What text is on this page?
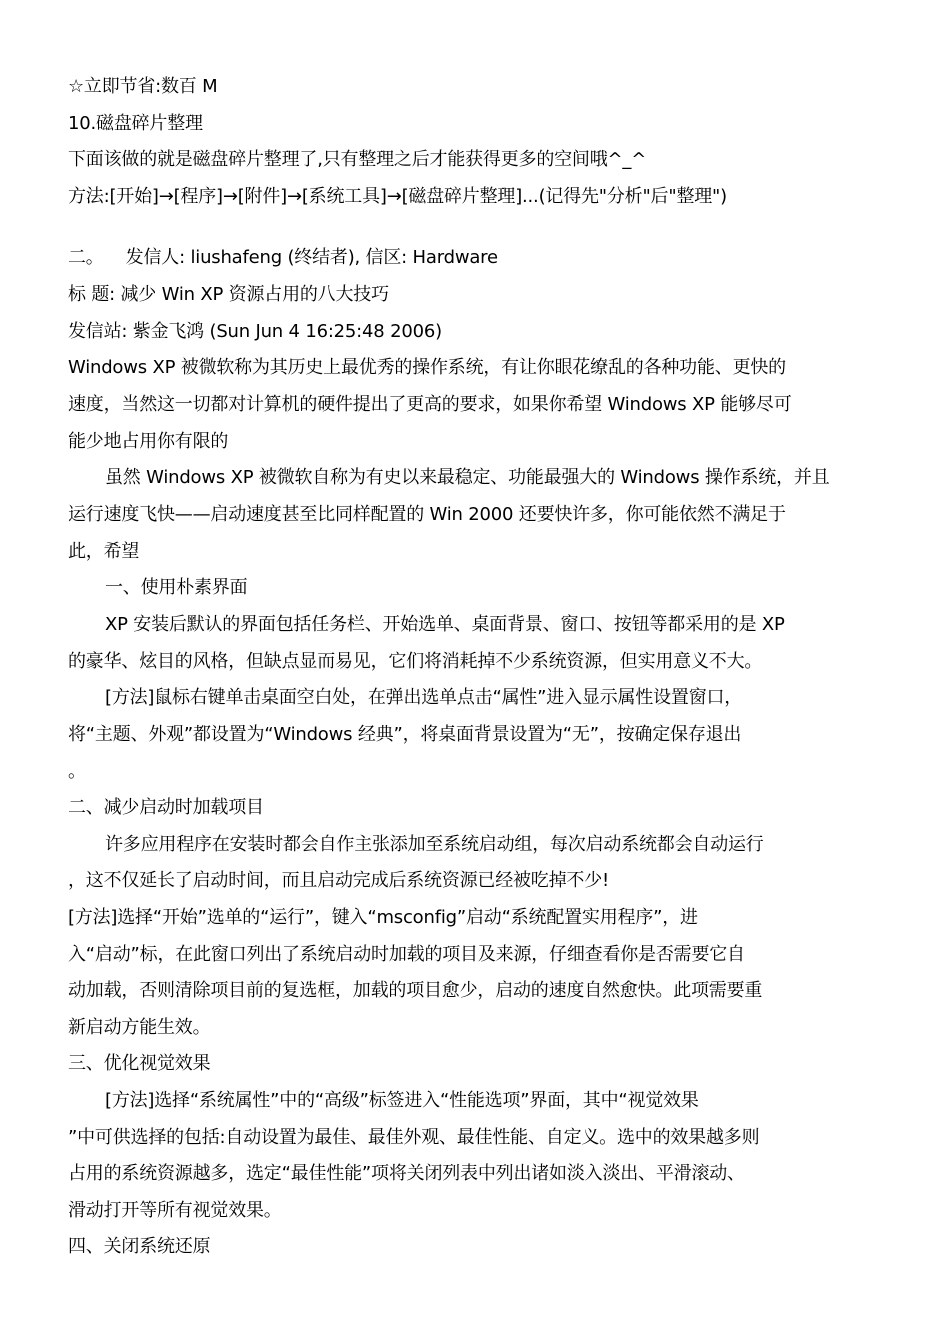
☆立即节省:数百 M
10.磁盘碎片整理
下面该做的就是磁盘碎片整理了,只有整理之后才能获得更多的空间哦^_^
方法:[开始]→[程序]→[附件]→[系统工具]→[磁盘碎片整理]...(记得先"分析"后"整理")
二。    发信人: liushafeng (终结者), 信区: Hardware
标 题: 减少 Win XP 资源占用的八大技巧
发信站: 紫金飞鸿 (Sun Jun 4 16:25:48 2006)
Windows XP 被微软称为其历史上最优秀的操作系统，有让你眼花缭乱的各种功能、更快的
速度，当然这一切都对计算机的硬件提出了更高的要求，如果你希望 Windows XP 能够尽可
能少地占用你有限的
虽然 Windows XP 被微软自称为有史以来最稳定、功能最强大的 Windows 操作系统，并且
运行速度飞快——启动速度甚至比同样配置的 Win 2000 还要快许多，你可能依然不满足于
此，希望
一、使用朴素界面
XP 安装后默认的界面包括任务栏、开始选单、桌面背景、窗口、按钮等都采用的是 XP
的豪华、炫目的风格，但缺点显而易见，它们将消耗掉不少系统资源，但实用意义不大。
[方法]鼠标右键单击桌面空白处，在弹出选单点击“属性”进入显示属性设置窗口，
将“主题、外观”都设置为“Windows 经典”，将桌面背景设置为“无”，按确定保存退出
。
二、减少启动时加载项目
许多应用程序在安装时都会自作主张添加至系统启动组，每次启动系统都会自动运行
，这不仅延长了启动时间，而且启动完成后系统资源已经被吃掉不少!
[方法]选择“开始”选单的“运行”，键入“msconfig”启动“系统配置实用程序”，进
入“启动”标，在此窗口列出了系统启动时加载的项目及来源，仔细查看你是否需要它自
动加载，否则清除项目前的复选框，加载的项目愈少，启动的速度自然愈快。此项需要重
新启动方能生效。
三、优化视觉效果
[方法]选择“系统属性”中的“高级”标签进入“性能选项”界面，其中“视觉效果
”中可供选择的包括:自动设置为最佳、最佳外观、最佳性能、自定义。选中的效果越多则
占用的系统资源越多，选定“最佳性能”项将关闭列表中列出诸如淡入淡出、平滑滚动、
滑动打开等所有视觉效果。
四、关闭系统还原
